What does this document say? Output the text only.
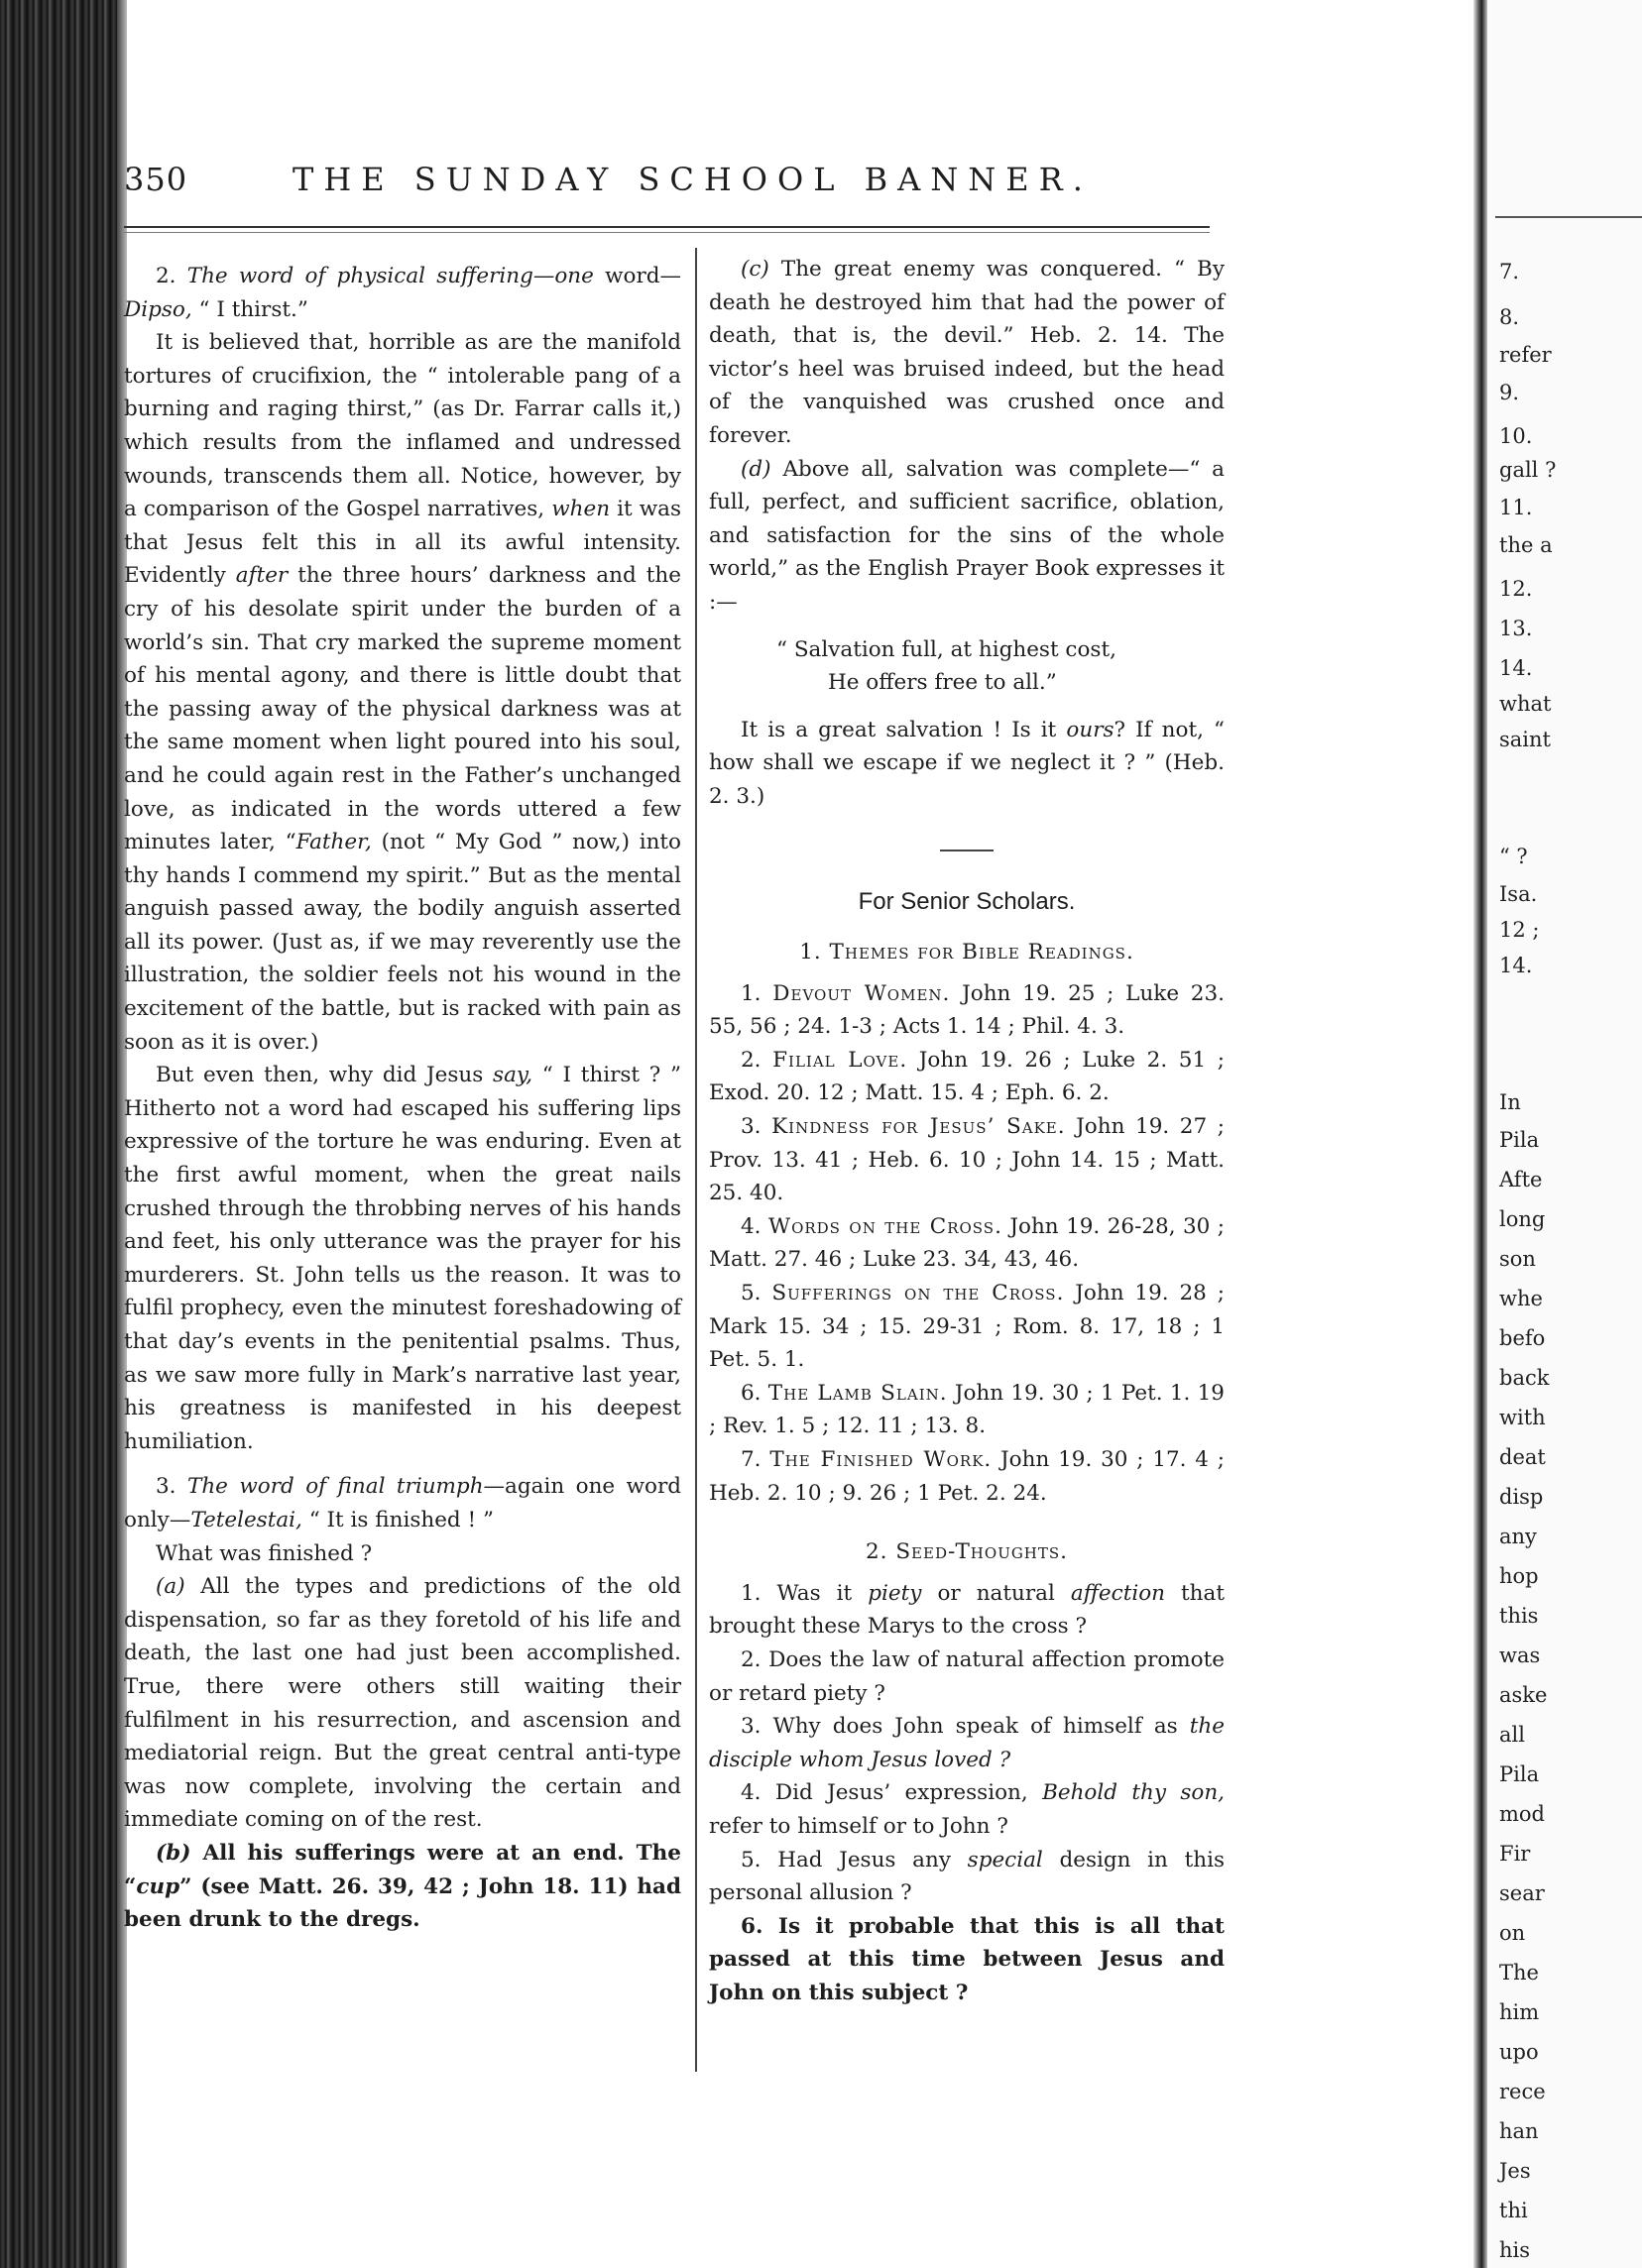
7.
8.
refer
9.
10.
gall ?
11.
the a
12.
13.
14.
what
saint
“ ?
Isa.
12 ;
14.
In
Pila
Afte
long
son
whe
befo
back
with
deat
disp
any
hop
this
was
aske
all
Pila
mod
Fir
sear
on
The
him
upo
rece
han
Jes
thi
his
350	THE SUNDAY SCHOOL BANNER.

2. The word of physical suffering—one word— Dipso, “ I thirst.”

It is believed that, horrible as are the manifold tortures of crucifixion, the “ intolerable pang of a burning and raging thirst,” (as Dr. Farrar calls it,) which results from the inflamed and undressed wounds, transcends them all. Notice, however, by a comparison of the Gospel narratives, when it was that Jesus felt this in all its awful intensity. Evidently after the three hours’ darkness and the cry of his desolate spirit under the burden of a world’s sin. That cry marked the supreme moment of his mental agony, and there is little doubt that the passing away of the physical darkness was at the same moment when light poured into his soul, and he could again rest in the Father’s unchanged love, as indicated in the words uttered a few minutes later, “Father, (not “ My God ” now,) into thy hands I commend my spirit.” But as the mental anguish passed away, the bodily anguish asserted all its power. (Just as, if we may reverently use the illustration, the soldier feels not his wound in the excitement of the battle, but is racked with pain as soon as it is over.)

But even then, why did Jesus say, “ I thirst ? ” Hitherto not a word had escaped his suffering lips expressive of the torture he was enduring. Even at the first awful moment, when the great nails crushed through the throbbing nerves of his hands and feet, his only utterance was the prayer for his murderers. St. John tells us the reason. It was to fulfil prophecy, even the minutest foreshadowing of that day’s events in the penitential psalms. Thus, as we saw more fully in Mark’s narrative last year, his greatness is manifested in his deepest humiliation.

3. The word of final triumph—again one word only—Tetelestai, “ It is finished ! ”

What was finished ?

(a) All the types and predictions of the old dispensation, so far as they foretold of his life and death, the last one had just been accomplished. True, there were others still waiting their fulfilment in his resurrection, and ascension and mediatorial reign. But the great central anti-type was now complete, involving the certain and immediate coming on of the rest.

(b) All his sufferings were at an end. The “cup” (see Matt. 26. 39, 42 ; John 18. 11) had been drunk to the dregs.

(c) The great enemy was conquered. “ By death he destroyed him that had the power of death, that is, the devil.” Heb. 2. 14. The victor’s heel was bruised indeed, but the head of the vanquished was crushed once and forever.

(d) Above all, salvation was complete—“ a full, perfect, and sufficient sacrifice, oblation, and satisfaction for the sins of the whole world,” as the English Prayer Book expresses it :—

“ Salvation full, at highest cost,
He offers free to all.”

It is a great salvation ! Is it ours? If not, “ how shall we escape if we neglect it ? ” (Heb. 2. 3.)

For Senior Scholars.

1. Themes for Bible Readings.

1. Devout Women. John 19. 25 ; Luke 23. 55, 56 ; 24. 1-3 ; Acts 1. 14 ; Phil. 4. 3.

2. Filial Love. John 19. 26 ; Luke 2. 51 ; Exod. 20. 12 ; Matt. 15. 4 ; Eph. 6. 2.

3. Kindness for Jesus’ Sake. John 19. 27 ; Prov. 13. 41 ; Heb. 6. 10 ; John 14. 15 ; Matt. 25. 40.

4. Words on the Cross. John 19. 26-28, 30 ; Matt. 27. 46 ; Luke 23. 34, 43, 46.

5. Sufferings on the Cross. John 19. 28 ; Mark 15. 34 ; 15. 29-31 ; Rom. 8. 17, 18 ; 1 Pet. 5. 1.

6. The Lamb Slain. John 19. 30 ; 1 Pet. 1. 19 ; Rev. 1. 5 ; 12. 11 ; 13. 8.

7. The Finished Work. John 19. 30 ; 17. 4 ; Heb. 2. 10 ; 9. 26 ; 1 Pet. 2. 24.

2. Seed-Thoughts.

1. Was it piety or natural affection that brought these Marys to the cross ?

2. Does the law of natural affection promote or retard piety ?

3. Why does John speak of himself as the disciple whom Jesus loved ?

4. Did Jesus’ expression, Behold thy son, refer to himself or to John ?

5. Had Jesus any special design in this personal allusion ?

6. Is it probable that this is all that passed at this time between Jesus and John on this subject ?
